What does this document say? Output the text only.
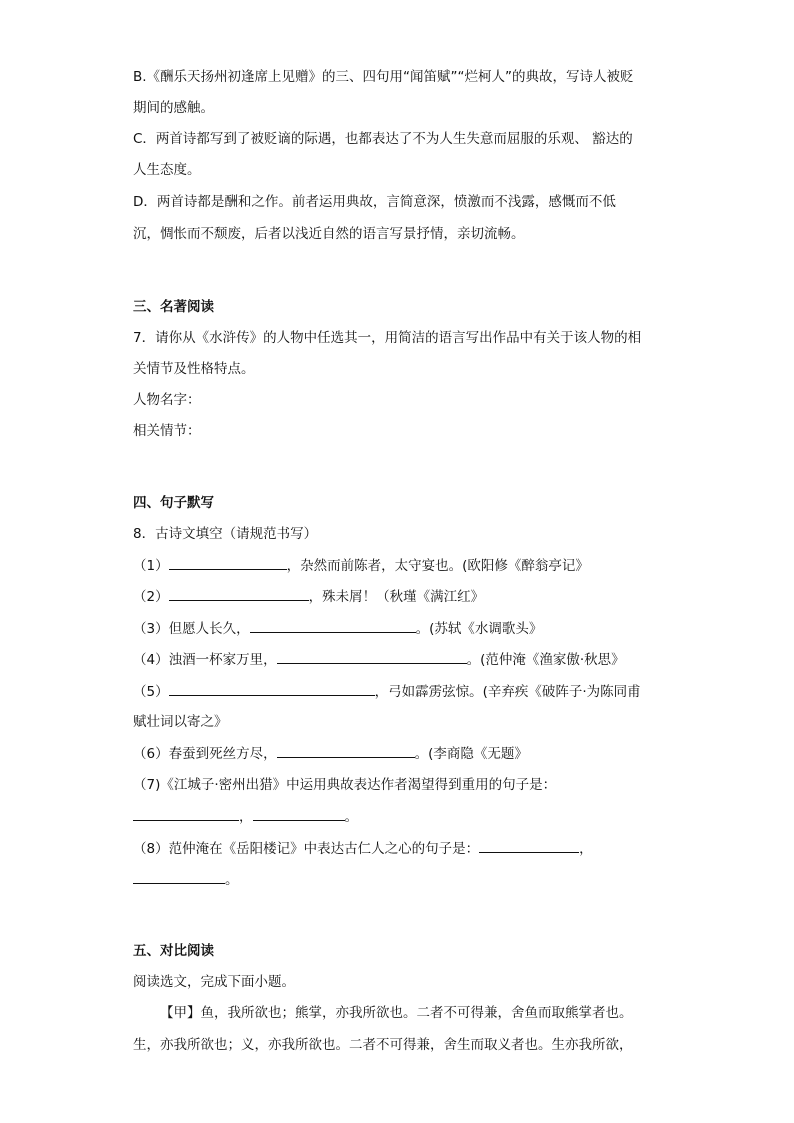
B.《酬乐天扬州初逢席上见赠》的三、四句用“闻笛赋”“烂柯人”的典故，写诗人被贬
期间的感触。
C．两首诗都写到了被贬谪的际遇，也都表达了不为人生失意而屈服的乐观、 豁达的
人生态度。
D．两首诗都是酬和之作。前者运用典故，言简意深，愤激而不浅露，感慨而不低
沉，惆怅而不颓废，后者以浅近自然的语言写景抒情，亲切流畅。
三、名著阅读
7．请你从《水浒传》的人物中任选其一，用简洁的语言写出作品中有关于该人物的相
关情节及性格特点。
人物名字：
相关情节：
四、句子默写
8．古诗文填空（请规范书写）
（1）	，杂然而前陈者，太守宴也。(欧阳修《醉翁亭记》
（2）	，殊未屑！（秋瑾《满江红》
（3）但愿人长久，	。(苏轼《水调歌头》
（4）浊酒一杯家万里，	。(范仲淹《渔家傲·秋思》
（5）	，弓如霹雳弦惊。(辛弃疾《破阵子·为陈同甫
赋壮词以寄之》
（6）春蚕到死丝方尽，	。(李商隐《无题》
（7)《江城子·密州出猎》中运用典故表达作者渴望得到重用的句子是：
，	。
（8）范仲淹在《岳阳楼记》中表达古仁人之心的句子是：	，
。
五、对比阅读
阅读选文，完成下面小题。
【甲】鱼，我所欲也；熊掌，亦我所欲也。二者不可得兼，舍鱼而取熊掌者也。
生，亦我所欲也；义，亦我所欲也。二者不可得兼，舍生而取义者也。生亦我所欲，
